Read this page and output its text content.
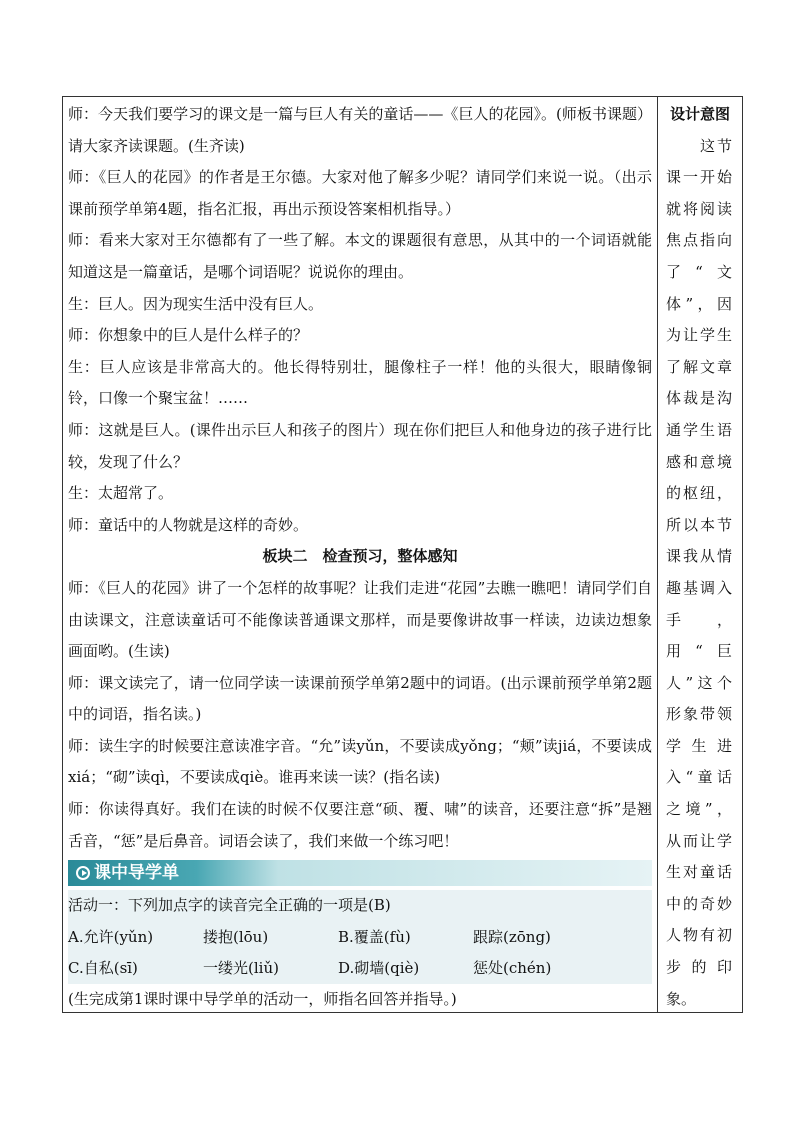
师：今天我们要学习的课文是一篇与巨人有关的童话——《巨人的花园》。(师板书课题）请大家齐读课题。(生齐读)

师：《巨人的花园》的作者是王尔德。大家对他了解多少呢？请同学们来说一说。（出示课前预学单第4题，指名汇报，再出示预设答案相机指导。）

师：看来大家对王尔德都有了一些了解。本文的课题很有意思，从其中的一个词语就能知道这是一篇童话，是哪个词语呢？说说你的理由。

生：巨人。因为现实生活中没有巨人。

师：你想象中的巨人是什么样子的？

生：巨人应该是非常高大的。他长得特别壮，腿像柱子一样！他的头很大，眼睛像铜铃，口像一个聚宝盆！……

师：这就是巨人。(课件出示巨人和孩子的图片）现在你们把巨人和他身边的孩子进行比较，发现了什么？

生：太超常了。

师：童话中的人物就是这样的奇妙。

板块二　检查预习，整体感知

师：《巨人的花园》讲了一个怎样的故事呢？让我们走进“花园”去瞧一瞧吧！请同学们自由读课文，注意读童话可不能像读普通课文那样，而是要像讲故事一样读，边读边想象画面哟。(生读)

师：课文读完了，请一位同学读一读课前预学单第2题中的词语。(出示课前预学单第2题中的词语，指名读。)

师：读生字的时候要注意读准字音。“允”读yǔn，不要读成yǒng；“颊”读jiá，不要读成xiá；“砌”读qì，不要读成qiè。谁再来读一读？(指名读)

师：你读得真好。我们在读的时候不仅要注意“硕、覆、啸”的读音，还要注意“拆”是翘舌音，“惩”是后鼻音。词语会读了，我们来做一个练习吧！

课中导学单

活动一：下列加点字的读音完全正确的一项是(B)

A.允许(yǔn)	搂抱(lōu)	B.覆盖(fù)	跟踪(zōng)
C.自私(sī)	一缕光(liǔ)	D.砌墙(qiè)	惩处(chén)

(生完成第1课时课中导学单的活动一，师指名回答并指导。)

设计意图
　　这节课一开始就将阅读焦点指向了“文体”，因为让学生了解文章体裁是沟通学生语感和意境的枢纽，所以本节课我从情趣基调入手，用“巨人”这个形象带领学生进入“童话之境”，从而让学生对童话中的奇妙人物有初步的印象。
